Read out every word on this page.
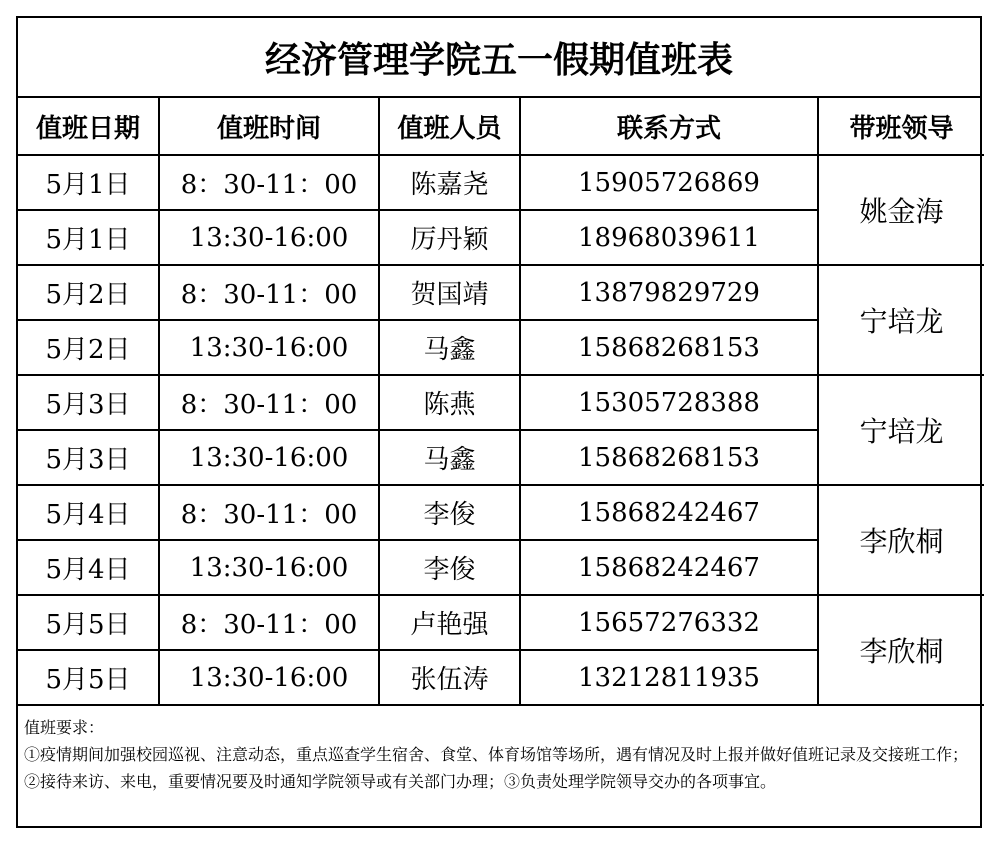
经济管理学院五一假期值班表
值班日期	值班时间	值班人员	联系方式	带班领导
5月1日	8：30-11：00	陈嘉尧	15905726869	姚金海
5月1日	13:30-16:00	厉丹颖	18968039611	
5月2日	8：30-11：00	贺国靖	13879829729	宁培龙
5月2日	13:30-16:00	马鑫	15868268153	
5月3日	8：30-11：00	陈燕	15305728388	宁培龙
5月3日	13:30-16:00	马鑫	15868268153	
5月4日	8：30-11：00	李俊	15868242467	李欣桐
5月4日	13:30-16:00	李俊	15868242467	
5月5日	8：30-11：00	卢艳强	15657276332	李欣桐
5月5日	13:30-16:00	张伍涛	13212811935	
值班要求：
①疫情期间加强校园巡视、注意动态，重点巡查学生宿舍、食堂、体育场馆等场所，遇有情况及时上报并做好值班记录及交接班工作；②接待来访、来电，重要情况要及时通知学院领导或有关部门办理；③负责处理学院领导交办的各项事宜。
